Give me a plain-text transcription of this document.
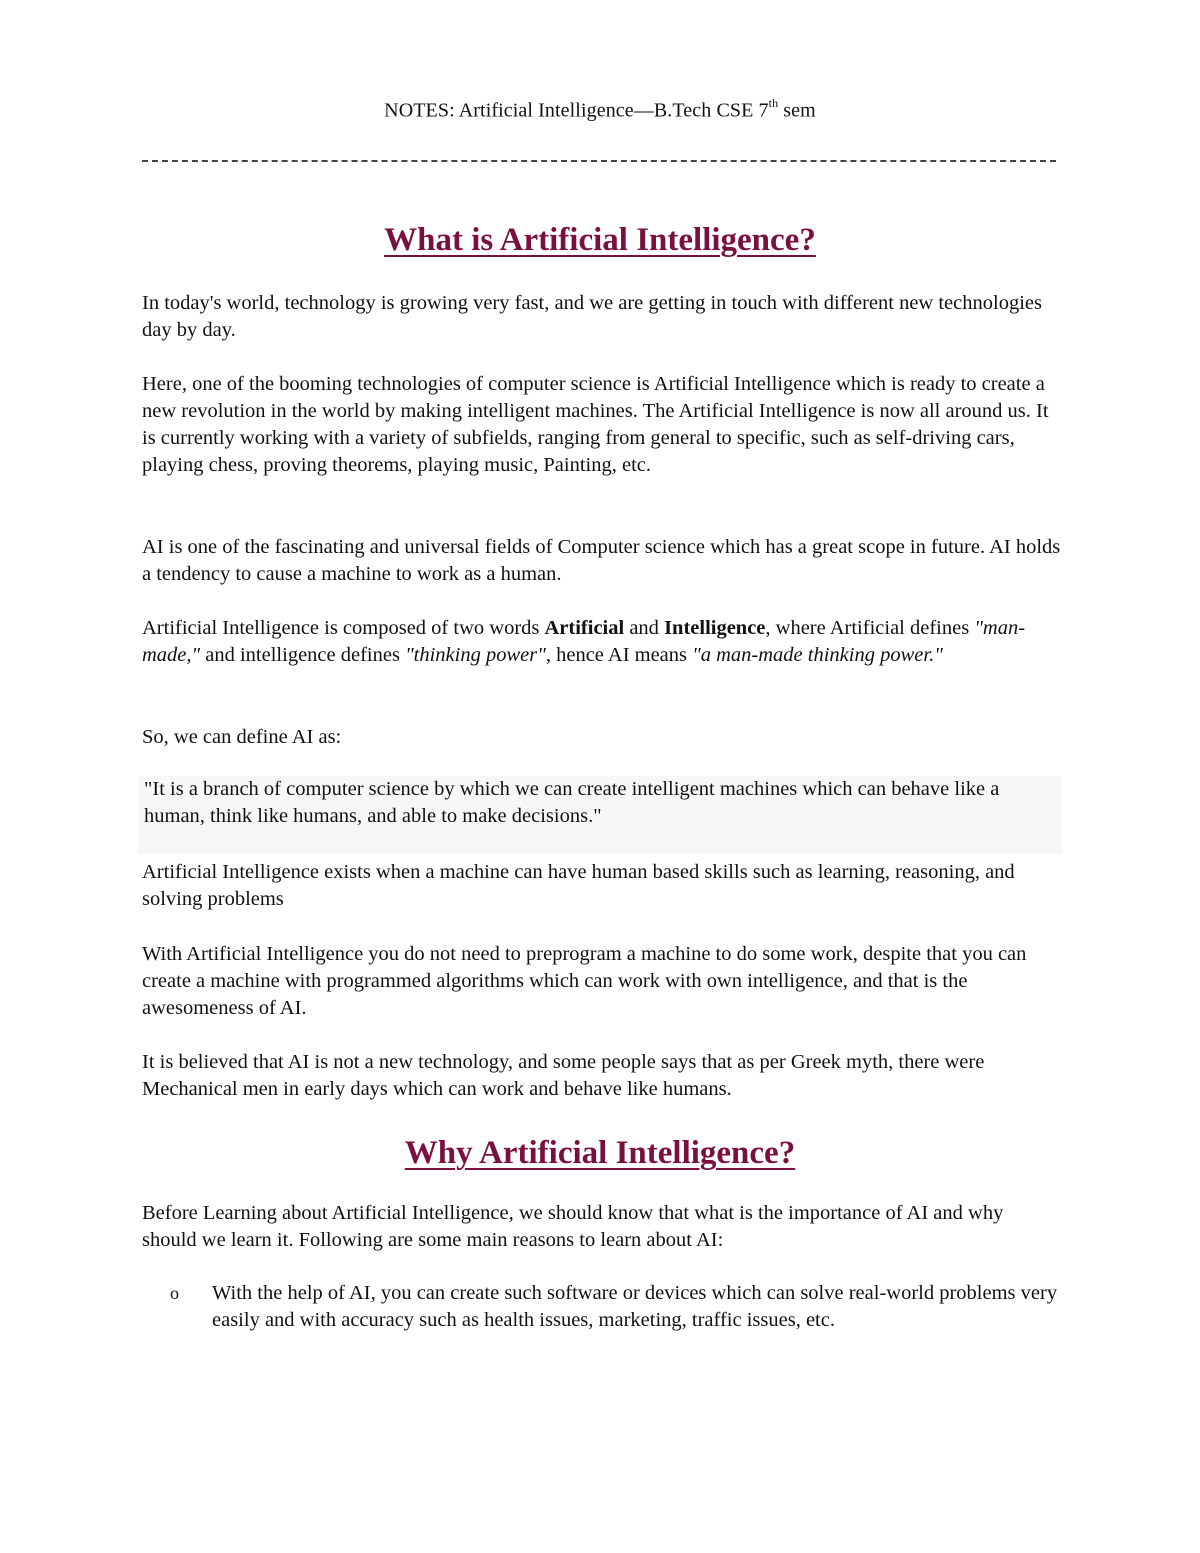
NOTES: Artificial Intelligence—B.Tech CSE 7th sem
What is Artificial Intelligence?

In today's world, technology is growing very fast, and we are getting in touch with different new technologies day by day.

Here, one of the booming technologies of computer science is Artificial Intelligence which is ready to create a new revolution in the world by making intelligent machines. The Artificial Intelligence is now all around us. It is currently working with a variety of subfields, ranging from general to specific, such as self-driving cars, playing chess, proving theorems, playing music, Painting, etc.

AI is one of the fascinating and universal fields of Computer science which has a great scope in future. AI holds a tendency to cause a machine to work as a human.

Artificial Intelligence is composed of two words Artificial and Intelligence, where Artificial defines "man-made," and intelligence defines "thinking power", hence AI means "a man-made thinking power."

So, we can define AI as:

"It is a branch of computer science by which we can create intelligent machines which can behave like a human, think like humans, and able to make decisions."

Artificial Intelligence exists when a machine can have human based skills such as learning, reasoning, and solving problems

With Artificial Intelligence you do not need to preprogram a machine to do some work, despite that you can create a machine with programmed algorithms which can work with own intelligence, and that is the awesomeness of AI.

It is believed that AI is not a new technology, and some people says that as per Greek myth, there were Mechanical men in early days which can work and behave like humans.

Why Artificial Intelligence?

Before Learning about Artificial Intelligence, we should know that what is the importance of AI and why should we learn it. Following are some main reasons to learn about AI:

o With the help of AI, you can create such software or devices which can solve real-world problems very easily and with accuracy such as health issues, marketing, traffic issues, etc.
